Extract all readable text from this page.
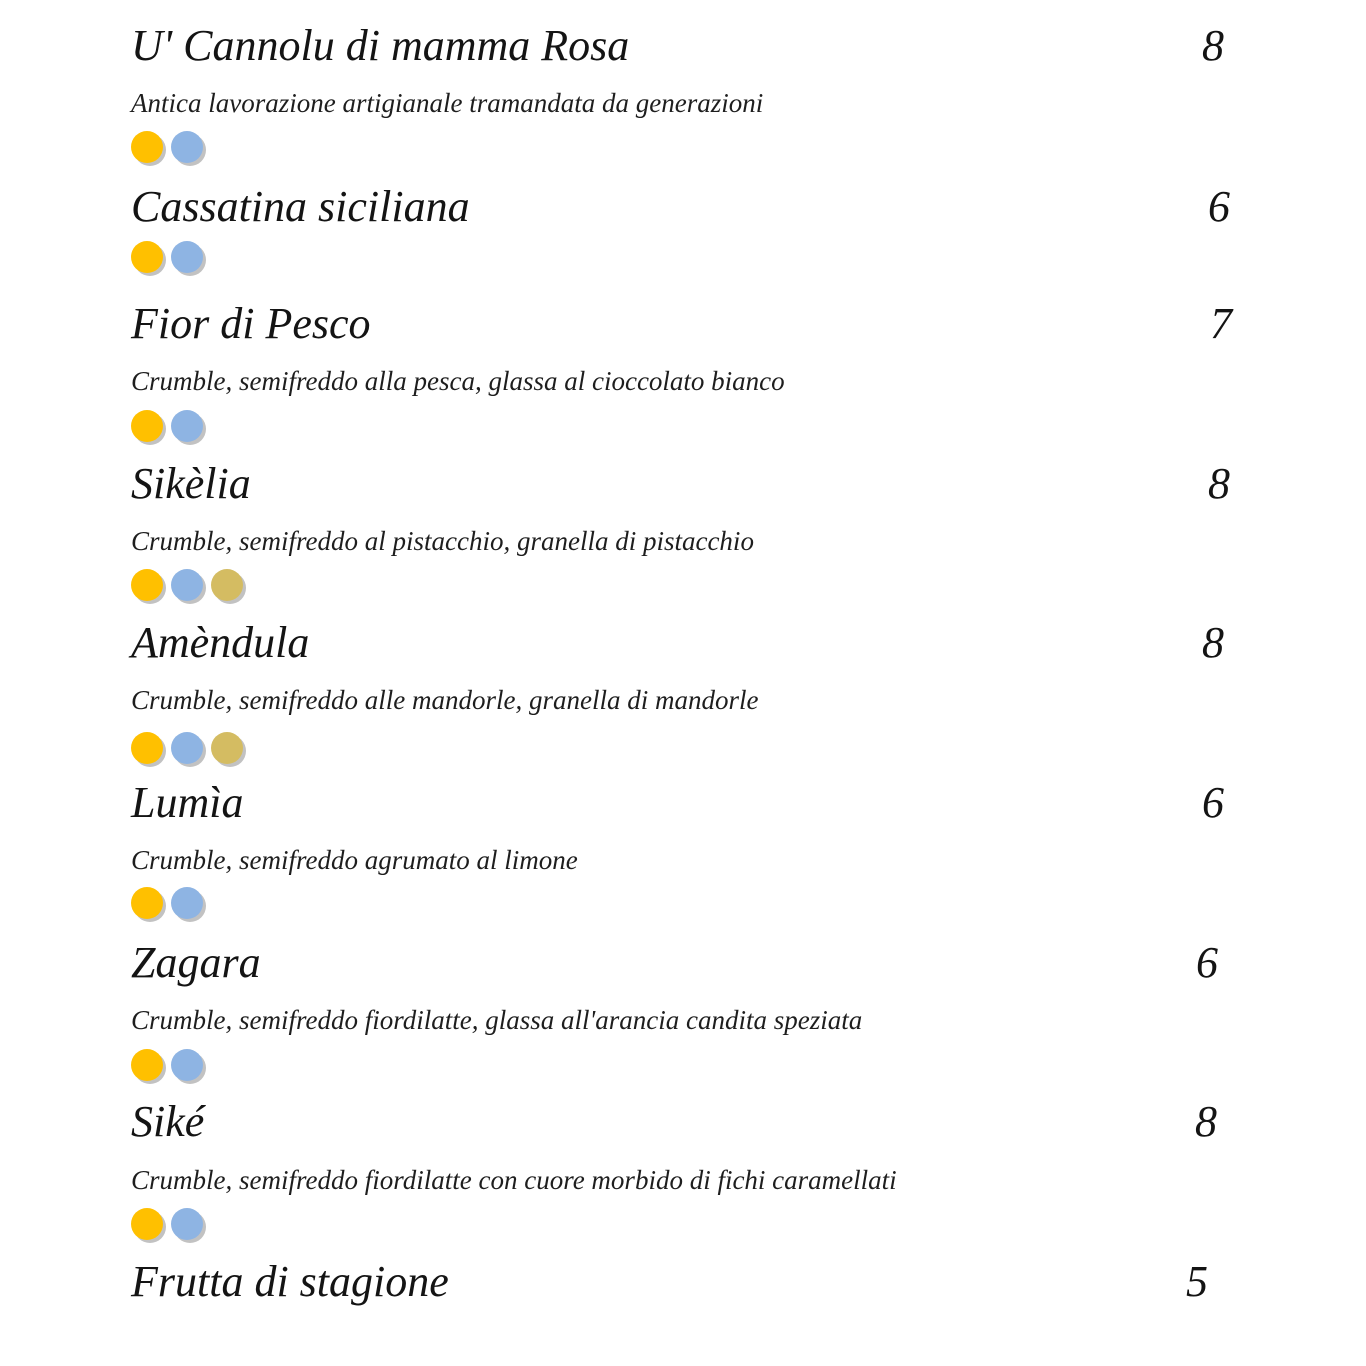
U' Cannolu di mamma Rosa	8
Antica lavorazione artigianale tramandata da generazioni
Cassatina siciliana	6
Fior di Pesco	7
Crumble, semifreddo alla pesca, glassa al cioccolato bianco
Sikèlia	8
Crumble, semifreddo al pistacchio, granella di pistacchio
Amèndula	8
Crumble, semifreddo alle mandorle, granella di mandorle
Lumìa	6
Crumble, semifreddo agrumato al limone
Zagara	6
Crumble, semifreddo fiordilatte, glassa all'arancia candita speziata
Siké	8
Crumble, semifreddo fiordilatte con cuore morbido di fichi caramellati
Frutta di stagione	5
